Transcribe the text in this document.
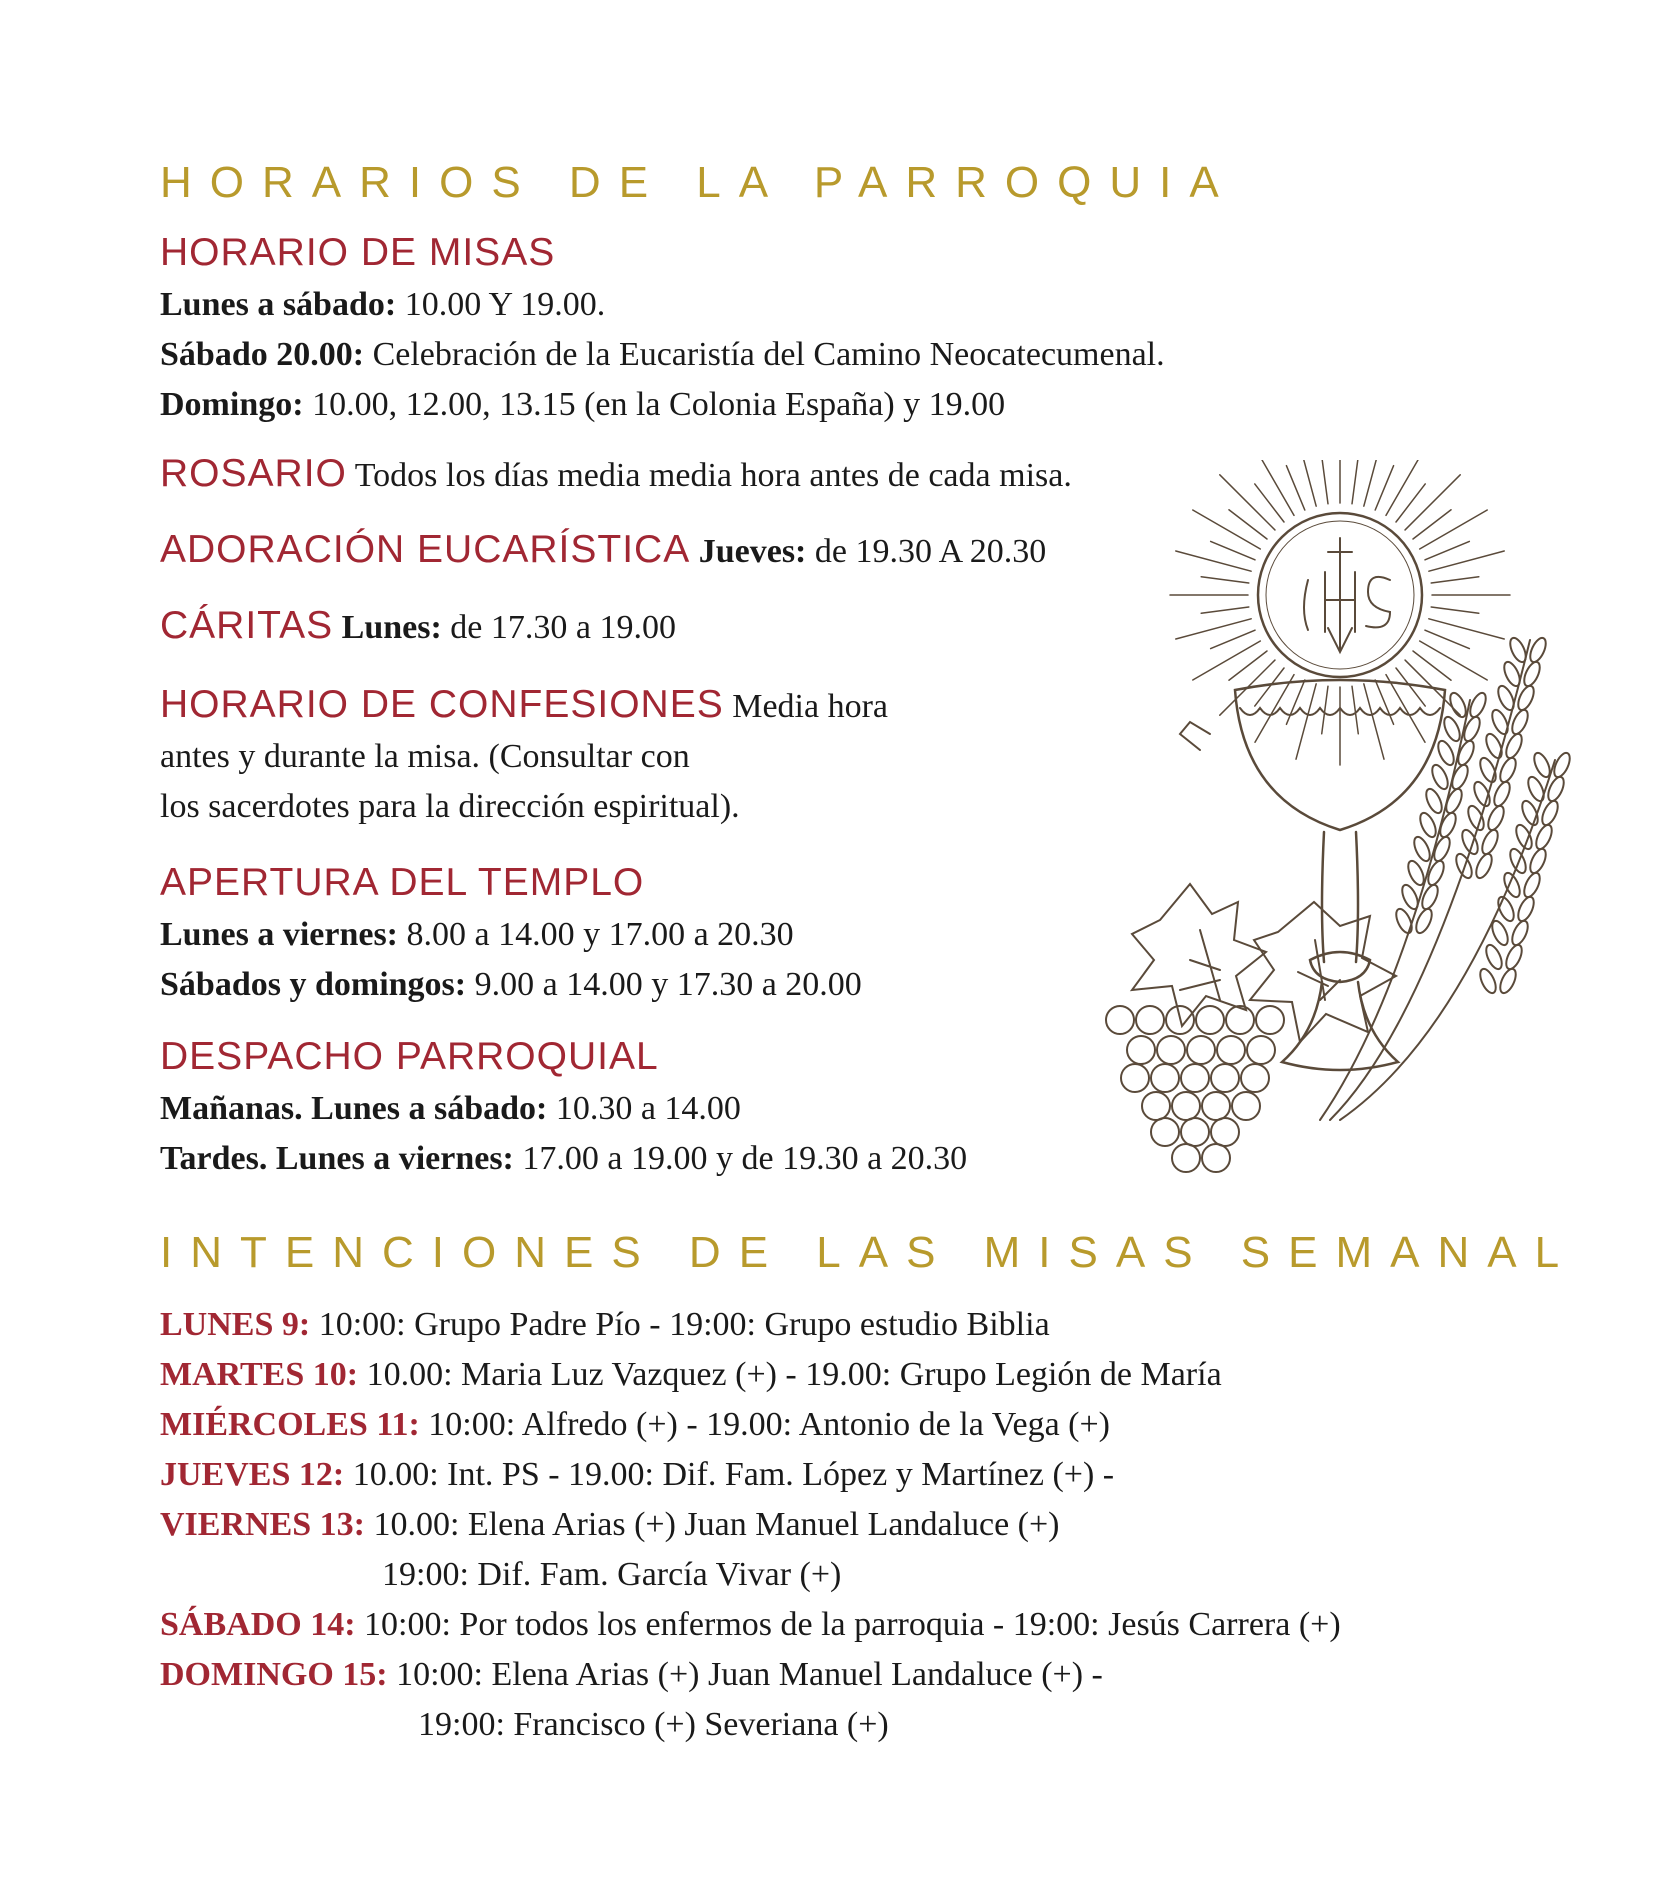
HORARIOS DE LA PARROQUIA
HORARIO DE MISAS
Lunes a sábado: 10.00 Y 19.00.
Sábado 20.00: Celebración de la Eucaristía del Camino Neocatecumenal.
Domingo: 10.00, 12.00, 13.15 (en la Colonia España) y 19.00
ROSARIO Todos los días media media hora antes de cada misa.
ADORACIÓN EUCARÍSTICA Jueves: de 19.30 A 20.30
CÁRITAS Lunes: de 17.30 a 19.00
HORARIO DE CONFESIONES Media hora
antes y durante la misa. (Consultar con
los sacerdotes para la dirección espiritual).
APERTURA DEL TEMPLO
Lunes a viernes: 8.00 a 14.00 y 17.00 a 20.30
Sábados y domingos: 9.00 a 14.00 y 17.30 a 20.00
DESPACHO PARROQUIAL
Mañanas. Lunes a sábado: 10.30 a 14.00
Tardes. Lunes a viernes: 17.00 a 19.00 y de 19.30 a 20.30
INTENCIONES DE LAS MISAS SEMANAL
LUNES 9: 10:00: Grupo Padre Pío - 19:00: Grupo estudio Biblia
MARTES 10: 10.00: Maria Luz Vazquez (+) - 19.00: Grupo Legión de María
MIÉRCOLES 11: 10:00: Alfredo (+) - 19.00: Antonio de la Vega (+)
JUEVES 12: 10.00: Int. PS - 19.00: Dif. Fam. López y Martínez (+) -
VIERNES 13: 10.00: Elena Arias (+) Juan Manuel Landaluce (+)
19:00: Dif. Fam. García Vivar (+)
SÁBADO 14: 10:00: Por todos los enfermos de la parroquia - 19:00: Jesús Carrera (+)
DOMINGO 15: 10:00: Elena Arias (+) Juan Manuel Landaluce (+) -
19:00: Francisco (+) Severiana (+)
